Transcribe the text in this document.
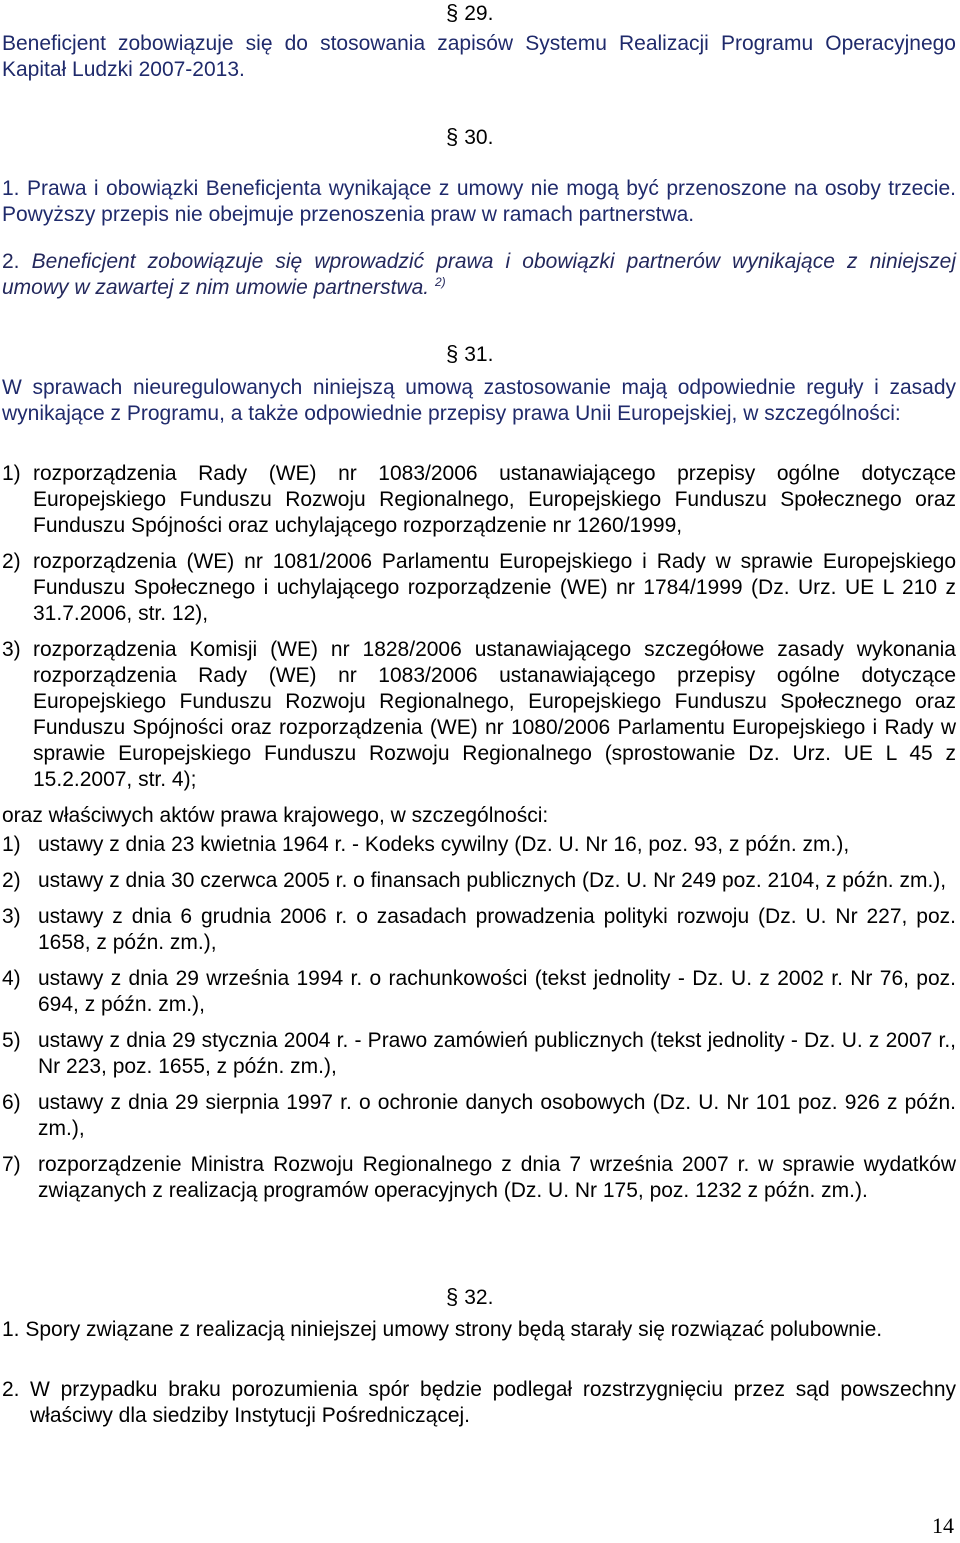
§ 29.
Beneficjent zobowiązuje się do stosowania zapisów Systemu Realizacji Programu Operacyjnego Kapitał Ludzki 2007-2013.
§ 30.
1. Prawa i obowiązki Beneficjenta wynikające z umowy nie mogą być przenoszone na osoby trzecie. Powyższy przepis nie obejmuje przenoszenia praw w ramach partnerstwa.
2. Beneficjent zobowiązuje się wprowadzić prawa i obowiązki partnerów wynikające z niniejszej umowy w zawartej z nim umowie partnerstwa. $^{2)}$
§ 31.
W sprawach nieuregulowanych niniejszą umową zastosowanie mają odpowiednie reguły i zasady wynikające z Programu, a także odpowiednie przepisy prawa Unii Europejskiej, w szczególności:
1) rozporządzenia Rady (WE) nr 1083/2006 ustanawiającego przepisy ogólne dotyczące Europejskiego Funduszu Rozwoju Regionalnego, Europejskiego Funduszu Społecznego oraz Funduszu Spójności oraz uchylającego rozporządzenie nr 1260/1999,
2) rozporządzenia (WE) nr 1081/2006 Parlamentu Europejskiego i Rady w sprawie Europejskiego Funduszu Społecznego i uchylającego rozporządzenie (WE) nr 1784/1999 (Dz. Urz. UE L 210 z 31.7.2006, str. 12),
3) rozporządzenia Komisji (WE) nr 1828/2006 ustanawiającego szczegółowe zasady wykonania rozporządzenia Rady (WE) nr 1083/2006 ustanawiającego przepisy ogólne dotyczące Europejskiego Funduszu Rozwoju Regionalnego, Europejskiego Funduszu Społecznego oraz Funduszu Spójności oraz rozporządzenia (WE) nr 1080/2006 Parlamentu Europejskiego i Rady w sprawie Europejskiego Funduszu Rozwoju Regionalnego (sprostowanie Dz. Urz. UE L 45 z 15.2.2007, str. 4);
oraz właściwych aktów prawa krajowego, w szczególności:
1) ustawy z dnia 23 kwietnia 1964 r. - Kodeks cywilny (Dz. U. Nr 16, poz. 93, z późn. zm.),
2) ustawy z dnia 30 czerwca 2005 r. o finansach publicznych (Dz. U. Nr 249 poz. 2104, z późn. zm.),
3) ustawy z dnia 6 grudnia 2006 r. o zasadach prowadzenia polityki rozwoju (Dz. U. Nr 227, poz. 1658, z późn. zm.),
4) ustawy z dnia 29 września 1994 r. o rachunkowości (tekst jednolity - Dz. U. z 2002 r. Nr 76, poz. 694, z późn. zm.),
5) ustawy z dnia 29 stycznia 2004 r. - Prawo zamówień publicznych (tekst jednolity - Dz. U. z 2007 r., Nr 223, poz. 1655, z późn. zm.),
6) ustawy z dnia 29 sierpnia 1997 r. o ochronie danych osobowych (Dz. U. Nr 101 poz. 926 z późn. zm.),
7) rozporządzenie Ministra Rozwoju Regionalnego z dnia 7 września 2007 r. w sprawie wydatków związanych z realizacją programów operacyjnych (Dz. U. Nr 175, poz. 1232 z późn. zm.).
§ 32.
1. Spory związane z realizacją niniejszej umowy strony będą starały się rozwiązać polubownie.
2. W przypadku braku porozumienia spór będzie podlegał rozstrzygnięciu przez sąd powszechny właściwy dla siedziby Instytucji Pośredniczącej.
14
